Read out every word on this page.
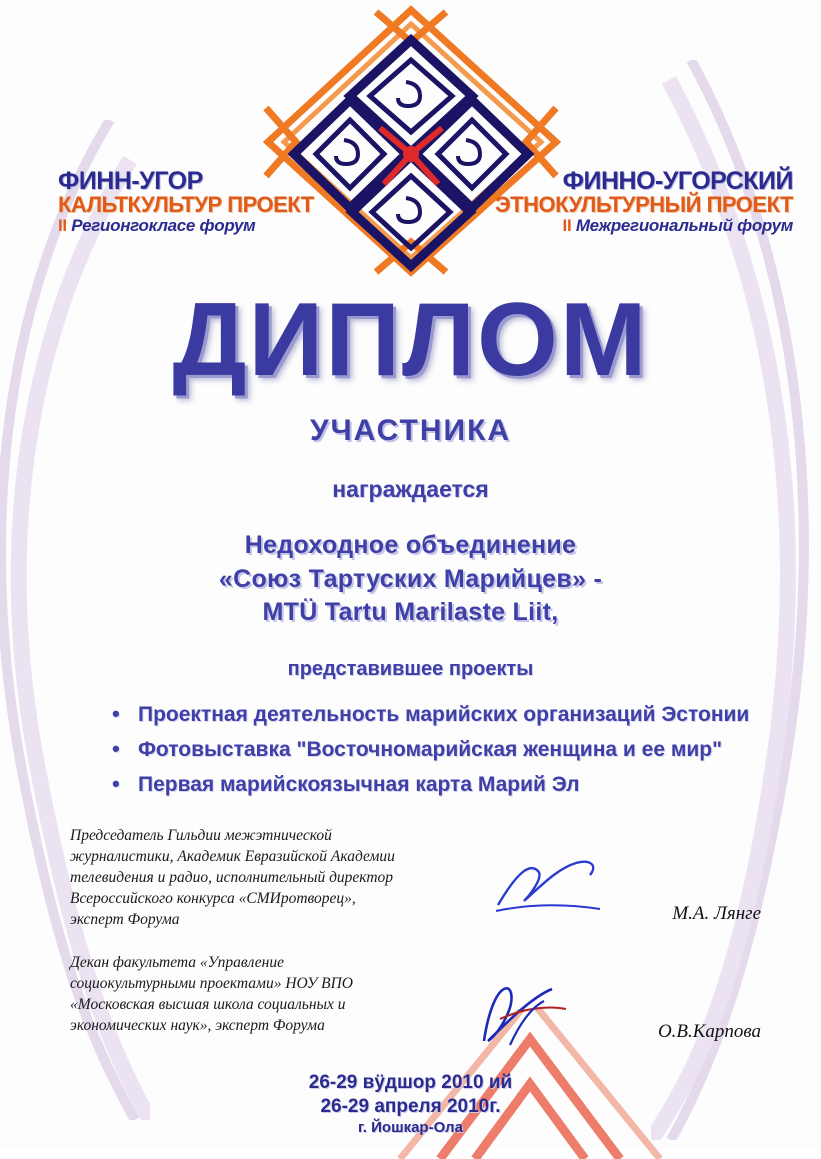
ФИНН-УГОР
КАЛЬТКУЛЬТУР ПРОЕКТ
II Регионгокласе форум
ФИННО-УГОРСКИЙ
ЭТНОКУЛЬТУРНЫЙ ПРОЕКТ
II Межрегиональный форум
ДИПЛОМ
УЧАСТНИКА
награждается
Недоходное объединение
«Союз Тартуских Марийцев» -
MTÜ Tartu Marilaste Liit,
представившее проекты
• Проектная деятельность марийских организаций Эстонии
• Фотовыставка "Восточномарийская женщина и ее мир"
• Первая марийскоязычная карта Марий Эл
Председатель Гильдии межэтнической журналистики, Академик Евразийской Академии телевидения и радио, исполнительный директор Всероссийского конкурса «СМИротворец», эксперт Форума	М.А. Лянге
Декан факультета «Управление социокультурными проектами» НОУ ВПО «Московская высшая школа социальных и экономических наук», эксперт Форума	О.В.Карпова
26-29 вÿдшор 2010 ий
26-29 апреля 2010г.
г. Йошкар-Ола
